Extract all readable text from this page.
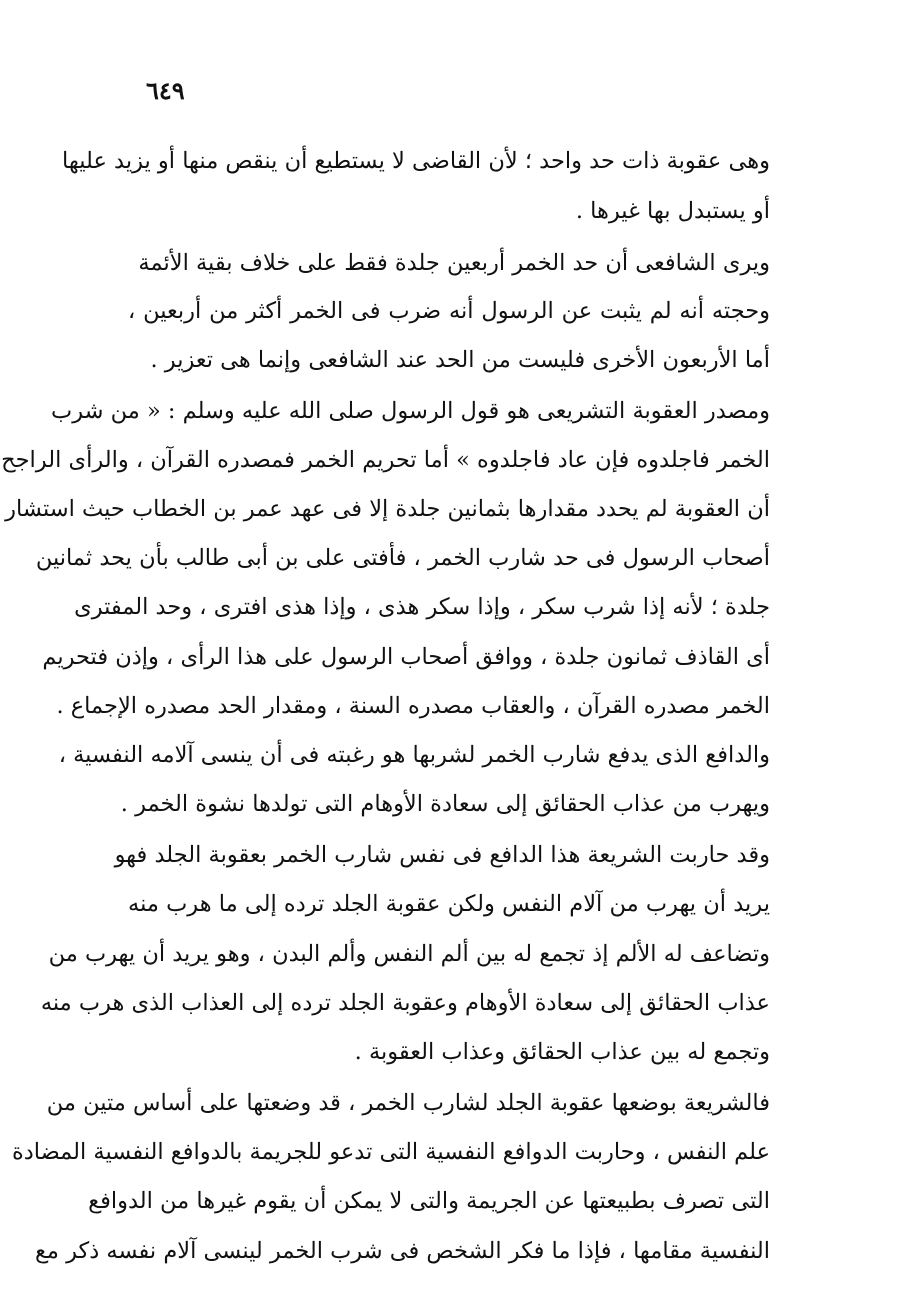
٦٤٩
وهى عقوبة ذات حد واحد ؛ لأن القاضى لا يستطيع أن ينقص منها أو يزيد عليها
أو يستبدل بها غيرها .
ويرى الشافعى أن حد الخمر أربعين جلدة فقط على خلاف بقية الأئمة
وحجته أنه لم يثبت عن الرسول أنه ضرب فى الخمر أكثر من أربعين ،
أما الأربعون الأخرى فليست من الحد عند الشافعى وإنما هى تعزير .
ومصدر العقوبة التشريعى هو قول الرسول صلى الله عليه وسلم : « من شرب
الخمر فاجلدوه فإن عاد فاجلدوه » أما تحريم الخمر فمصدره القرآن ، والرأى الراجح
أن العقوبة لم يحدد مقدارها بثمانين جلدة إلا فى عهد عمر بن الخطاب حيث استشار
أصحاب الرسول فى حد شارب الخمر ، فأفتى على بن أبى طالب بأن يحد ثمانين
جلدة ؛ لأنه إذا شرب سكر ، وإذا سكر هذى ، وإذا هذى افترى ، وحد المفترى
أى القاذف ثمانون جلدة ، ووافق أصحاب الرسول على هذا الرأى ، وإذن فتحريم
الخمر مصدره القرآن ، والعقاب مصدره السنة ، ومقدار الحد مصدره الإجماع .
والدافع الذى يدفع شارب الخمر لشربها هو رغبته فى أن ينسى آلامه النفسية ،
ويهرب من عذاب الحقائق إلى سعادة الأوهام التى تولدها نشوة الخمر .
وقد حاربت الشريعة هذا الدافع فى نفس شارب الخمر بعقوبة الجلد فهو
يريد أن يهرب من آلام النفس ولكن عقوبة الجلد ترده إلى ما هرب منه
وتضاعف له الألم إذ تجمع له بين ألم النفس وألم البدن ، وهو يريد أن يهرب من
عذاب الحقائق إلى سعادة الأوهام وعقوبة الجلد ترده إلى العذاب الذى هرب منه
وتجمع له بين عذاب الحقائق وعذاب العقوبة .
فالشريعة بوضعها عقوبة الجلد لشارب الخمر ، قد وضعتها على أساس متين من
علم النفس ، وحاربت الدوافع النفسية التى تدعو للجريمة بالدوافع النفسية المضادة
التى تصرف بطبيعتها عن الجريمة والتى لا يمكن أن يقوم غيرها من الدوافع
النفسية مقامها ، فإذا ما فكر الشخص فى شرب الخمر لينسى آلام نفسه ذكر مع
